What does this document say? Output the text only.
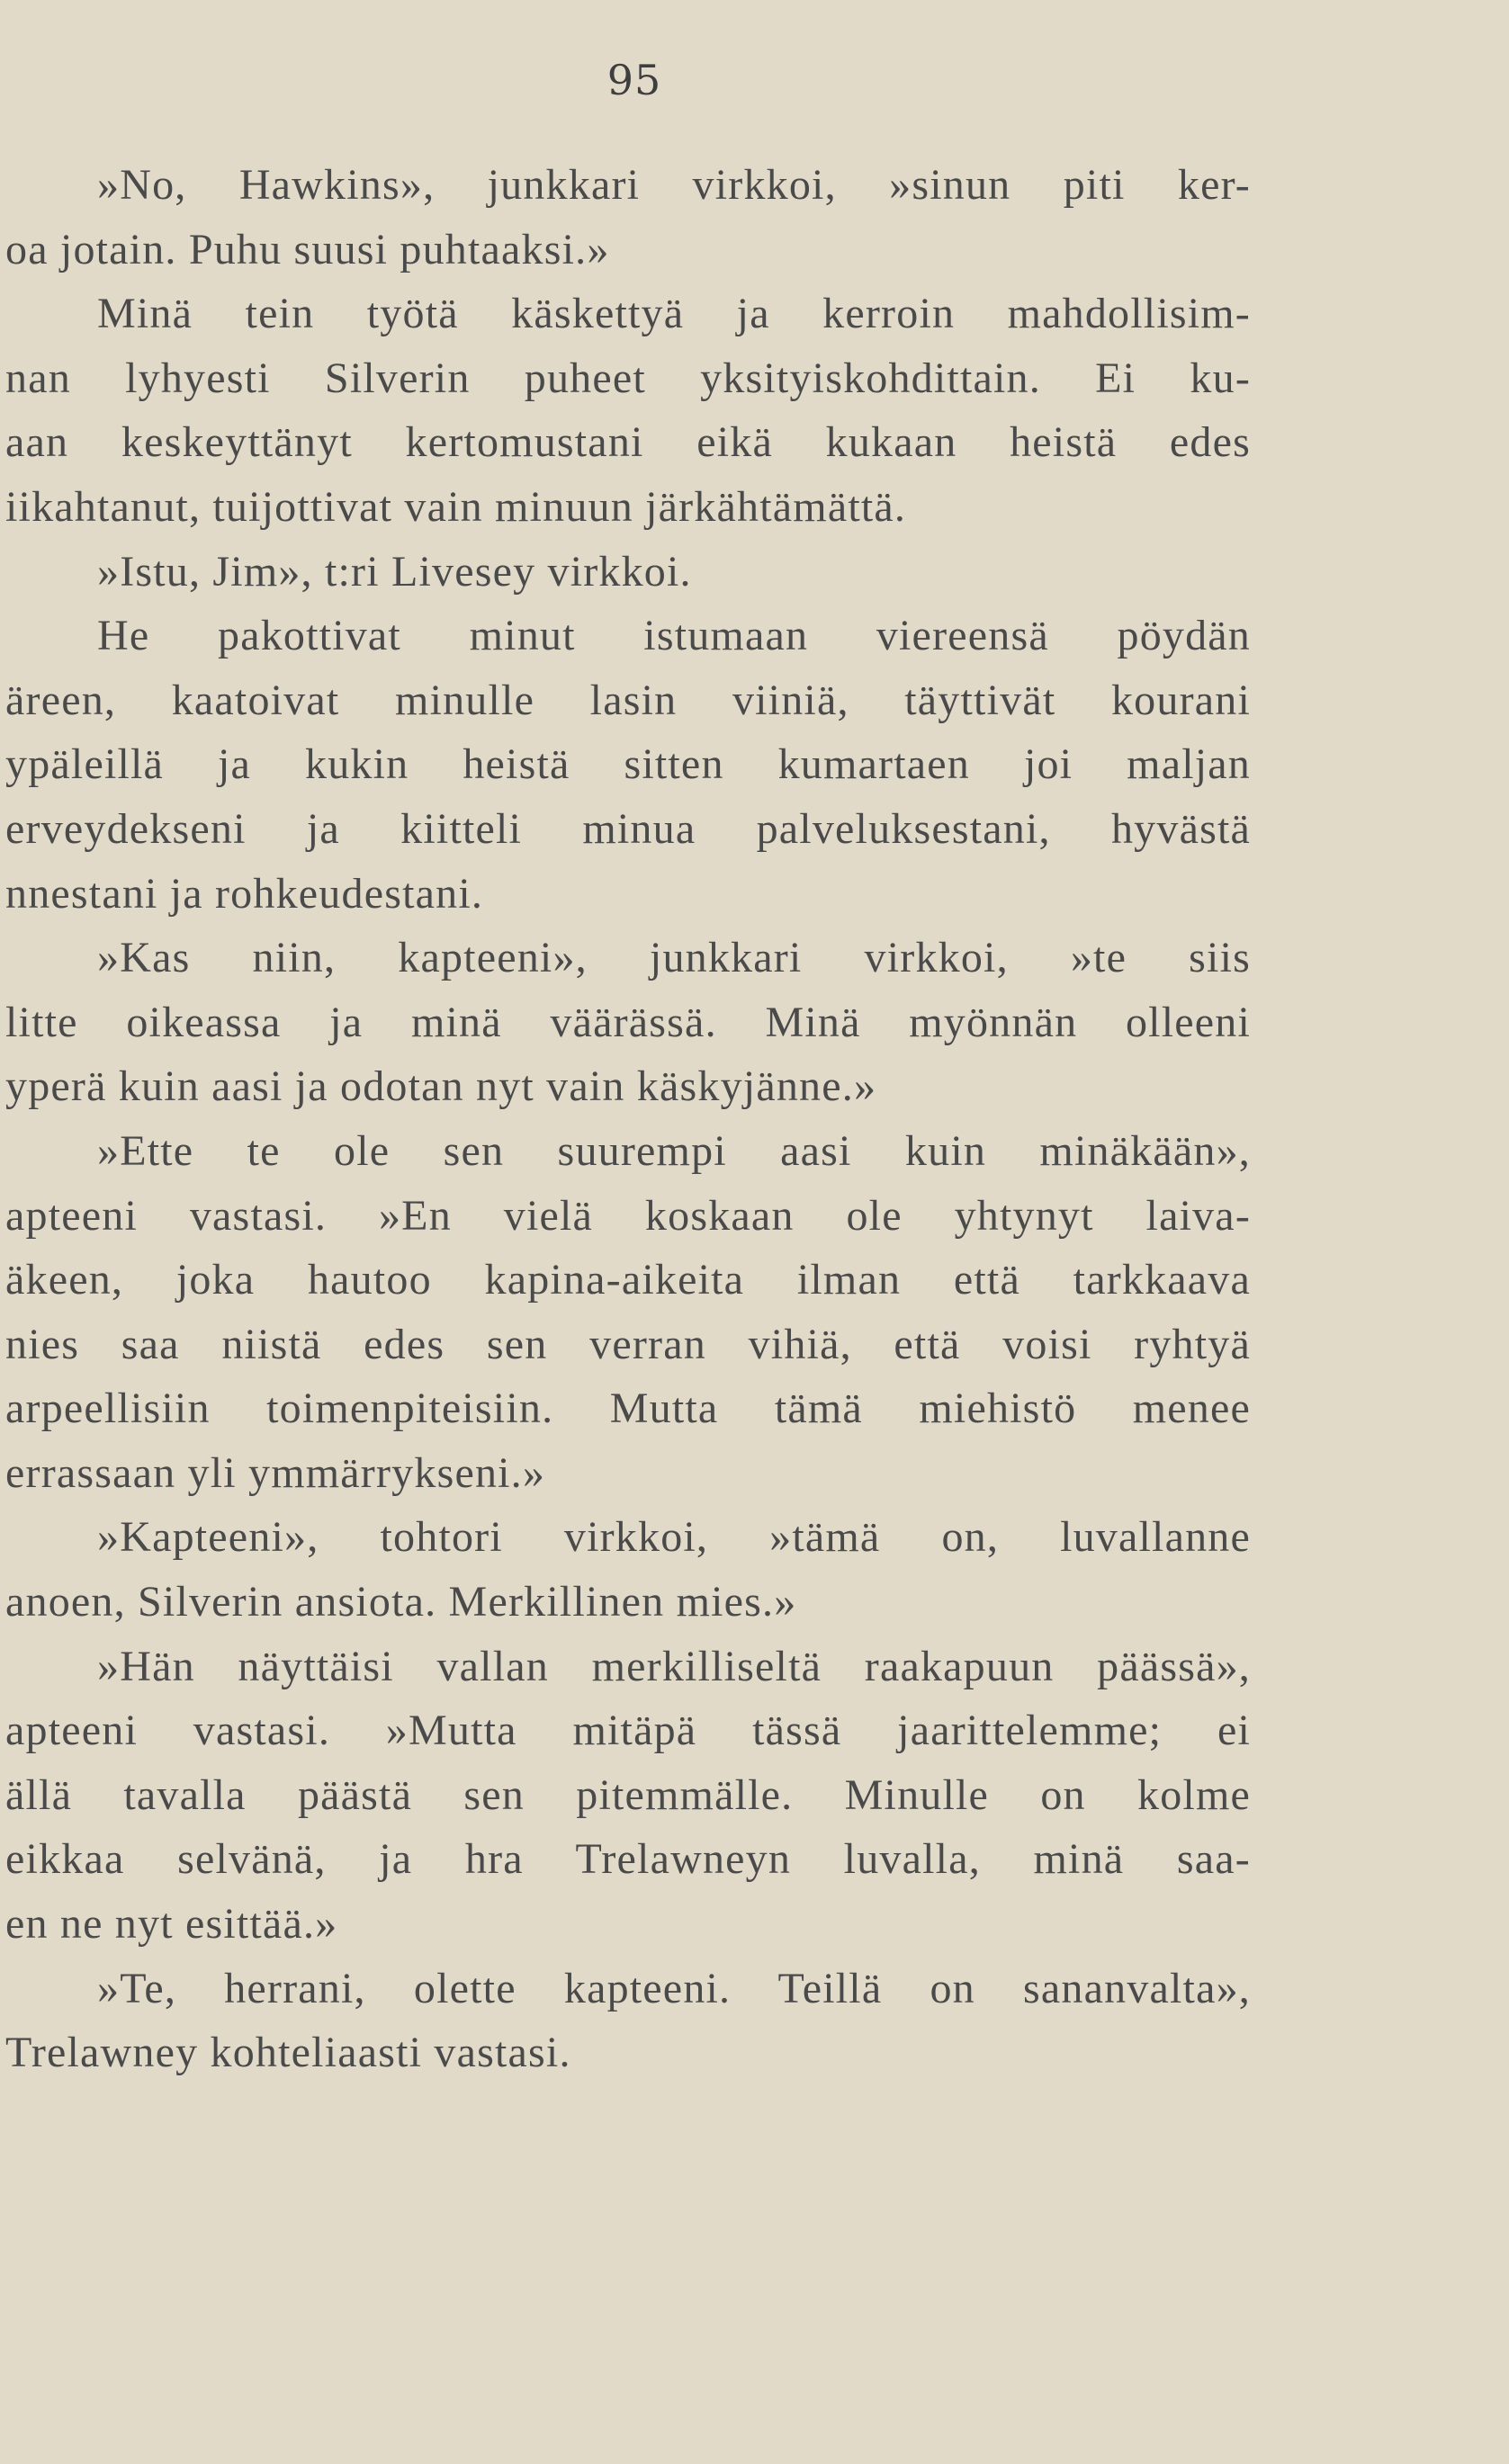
95
»No, Hawkins», junkkari virkkoi, »sinun piti ker-
oa jotain. Puhu suusi puhtaaksi.»
Minä tein työtä käskettyä ja kerroin mahdollisim-
nan lyhyesti Silverin puheet yksityiskohdittain. Ei ku-
aan keskeyttänyt kertomustani eikä kukaan heistä edes
iikahtanut, tuijottivat vain minuun järkähtämättä.
»Istu, Jim», t:ri Livesey virkkoi.
He pakottivat minut istumaan viereensä pöydän
äreen, kaatoivat minulle lasin viiniä, täyttivät kourani
ypäleillä ja kukin heistä sitten kumartaen joi maljan
erveydekseni ja kiitteli minua palveluksestani, hyvästä
nnestani ja rohkeudestani.
»Kas niin, kapteeni», junkkari virkkoi, »te siis
litte oikeassa ja minä väärässä. Minä myönnän olleeni
yperä kuin aasi ja odotan nyt vain käskyjänne.»
»Ette te ole sen suurempi aasi kuin minäkään»,
apteeni vastasi. »En vielä koskaan ole yhtynyt laiva-
äkeen, joka hautoo kapina-aikeita ilman että tarkkaava
nies saa niistä edes sen verran vihiä, että voisi ryhtyä
arpeellisiin toimenpiteisiin. Mutta tämä miehistö menee
errassaan yli ymmärrykseni.»
»Kapteeni», tohtori virkkoi, »tämä on, luvallanne
anoen, Silverin ansiota. Merkillinen mies.»
»Hän näyttäisi vallan merkilliseltä raakapuun päässä»,
apteeni vastasi. »Mutta mitäpä tässä jaarittelemme; ei
ällä tavalla päästä sen pitemmälle. Minulle on kolme
eikkaa selvänä, ja hra Trelawneyn luvalla, minä saa-
en ne nyt esittää.»
»Te, herrani, olette kapteeni. Teillä on sananvalta»,
Trelawney kohteliaasti vastasi.
